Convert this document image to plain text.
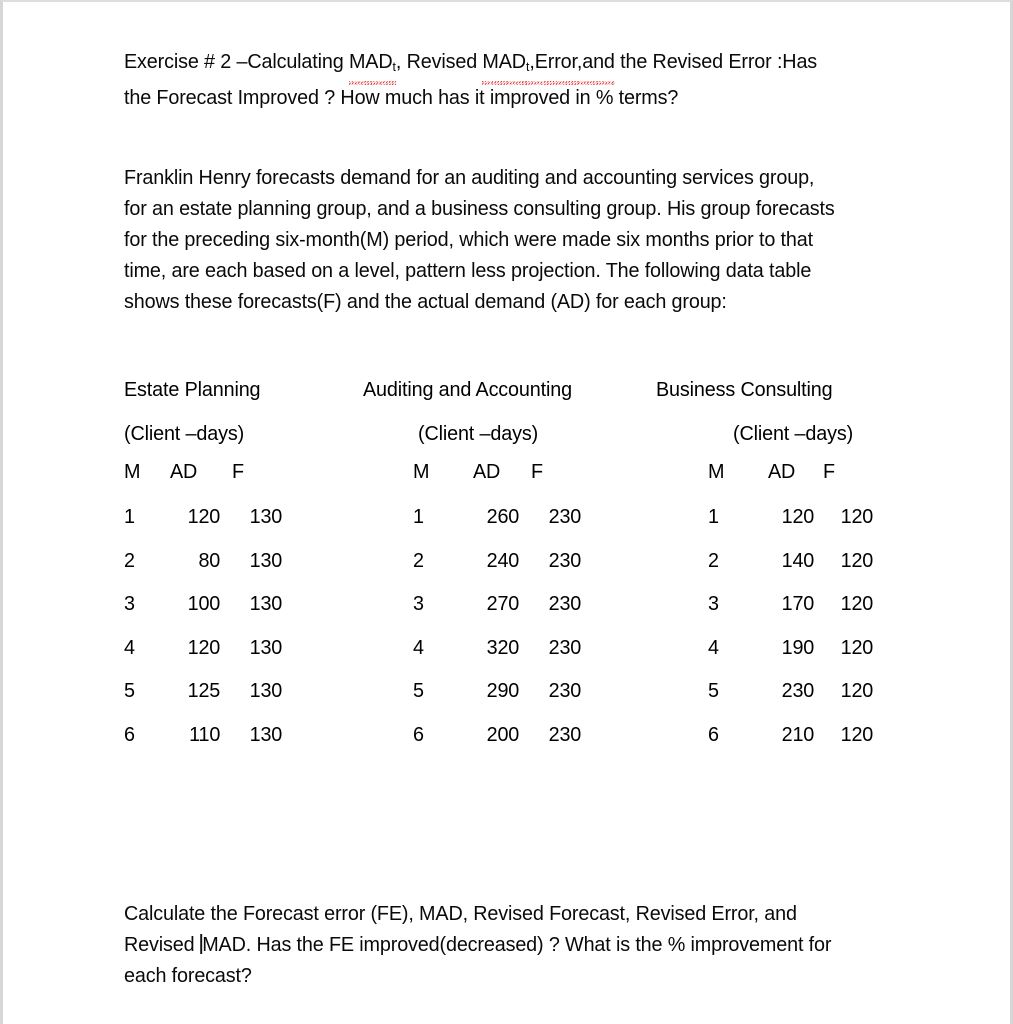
Exercise # 2 –Calculating $MAD_t$, Revised $MAD_t,Error,and$ the Revised Error :Has
the Forecast Improved ? How much has it improved in % terms?
Franklin Henry forecasts demand for an auditing and accounting services group,
for an estate planning group, and a business consulting group. His group forecasts
for the preceding six-month(M) period, which were made six months prior to that
time, are each based on a level, pattern less projection. The following data table
shows these forecasts(F) and the actual demand (AD) for each group:
Estate Planning
(Client –days)
M AD	F
1	120	130
2	80	130
3	100	130
4	120	130
5	125	130
6	110	130
Auditing and Accounting
(Client –days)
M AD	F
1	260	230
2	240	230
3	270	230
4	320	230
5	290	230
6	200	230
Business Consulting
(Client –days)
M AD	F
1	120	120
2	140	120
3	170	120
4	190	120
5	230	120
6	210	120
Calculate the Forecast error (FE), MAD, Revised Forecast, Revised Error, and
Revised MAD. Has the FE improved(decreased) ? What is the % improvement for
each forecast?
